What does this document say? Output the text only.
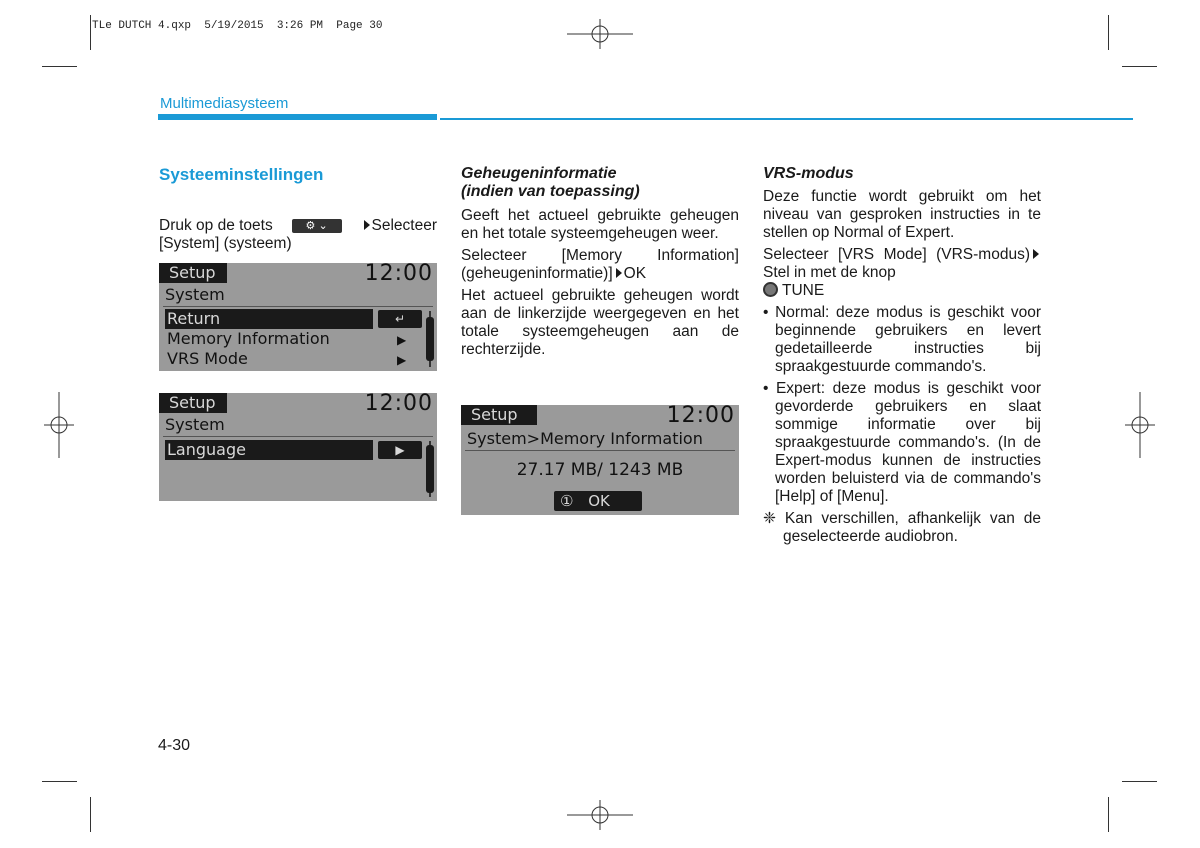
TLe DUTCH 4.qxp  5/19/2015  3:26 PM  Page 30
Multimediasysteem
Systeeminstellingen
Druk op de toets	⚙ ⌄	Selecteer
[System] (systeem)
Setup	12:00
System
Return	↵
Memory Information	▶
VRS Mode	▶
Setup	12:00
System
Language	▶
Geheugeninformatie
(indien van toepassing)

Geeft het actueel gebruikte geheugen en het totale systeemgeheugen weer.

Selecteer [Memory Information] (geheugeninformatie)] OK

Het actueel gebruikte geheugen wordt aan de linkerzijde weergegeven en het totale systeemgeheugen aan de rechterzijde.

Setup	12:00
System>Memory Information
27.17 MB/ 1243 MB
① OK
VRS-modus

Deze functie wordt gebruikt om het niveau van gesproken instructies in te stellen op Normal of Expert.

Selecteer [VRS Mode] (VRS-modus)Stel in met de knop
TUNE

• Normal: deze modus is geschikt voor beginnende gebruikers en levert gedetailleerde instructies bij spraakgestuurde commando's.

• Expert: deze modus is geschikt voor gevorderde gebruikers en slaat sommige informatie over bij spraakgestuurde commando's. (In de Expert-modus kunnen de instructies worden beluisterd via de commando's [Help] of [Menu].

❈ Kan verschillen, afhankelijk van de geselecteerde audiobron.

4-30
